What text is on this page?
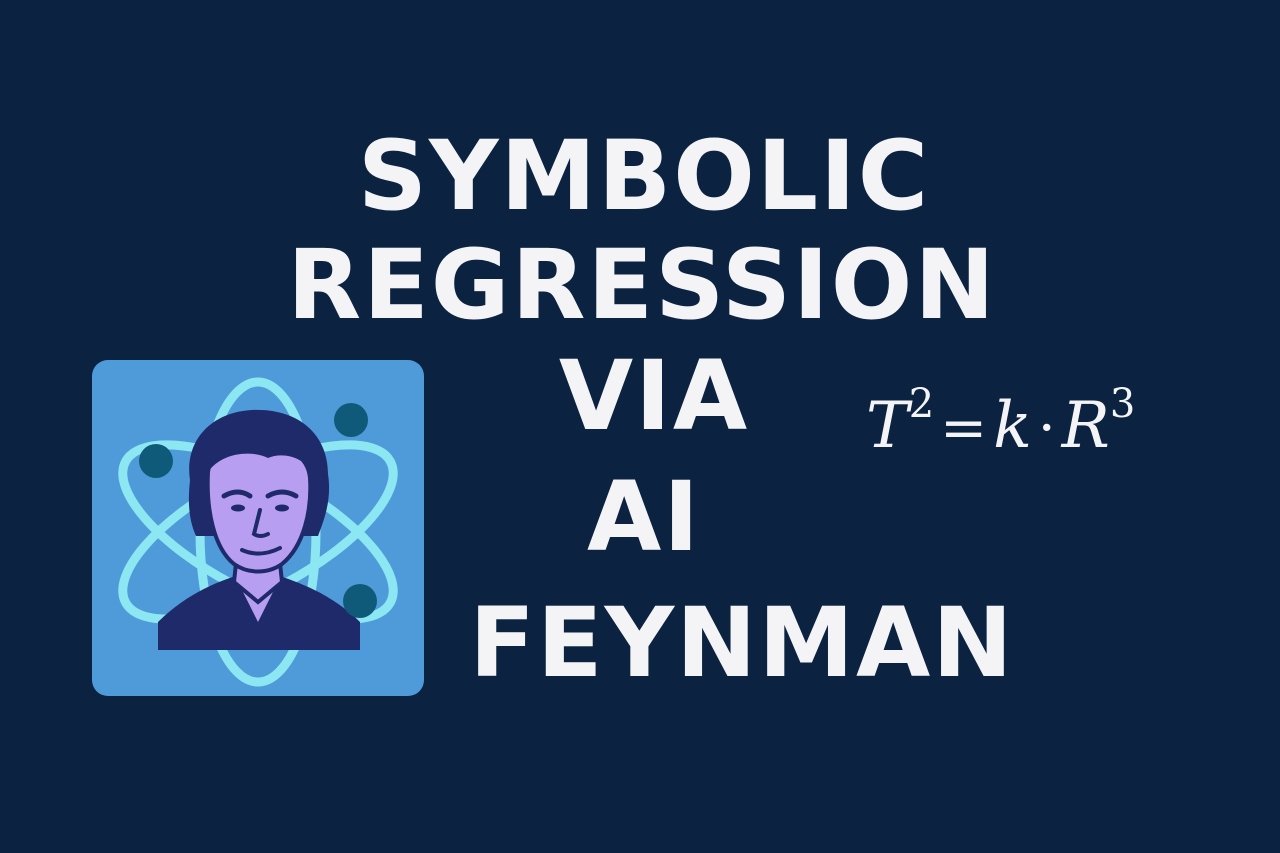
SYMBOLIC
REGRESSION
VIA
AI
FEYNMAN
$T^2 =k \cdot R^3$
